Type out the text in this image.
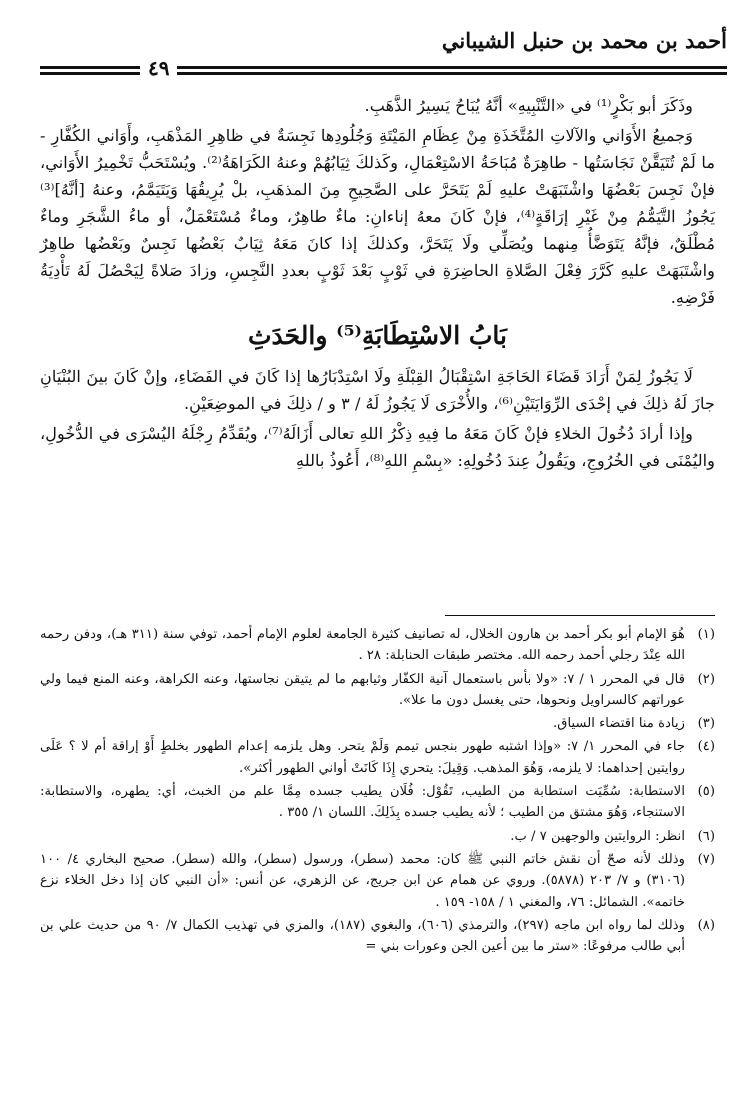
أحمد بن محمد بن حنبل الشيباني
٤٩

وذَكَرَ أبو بَكْرٍ⁽¹⁾ في «التَّنْبِيهِ» أنَّهُ يُبَاحُ يَسِيرُ الذَّهَبِ.

وَجميعُ الأَوَاني والآلاتِ المُتَّخَذَةِ مِنْ عِظَامِ المَيْتَةِ وَجُلُودِها نَجِسَةٌ في ظاهِرِ المَذْهَبِ، وأَوَاني الكُفَّارِ - ما لَمْ تُتَيَقَّنْ نَجَاسَتُها - طاهِرَةٌ مُبَاحَةُ الاسْتِعْمَالِ، وكَذلكَ ثِيَابُهُمْ وعنهُ الكَرَاهَةُ⁽²⁾. ويُسْتَحَبُّ تَخْمِيرُ الأَوَاني، فإنْ نَجِسَ بَعْضُهَا واشْتَبَهَتْ عليهِ لَمْ يَتَحَرَّ على الصَّحِيحِ مِنَ المذهَبِ، بلْ يُرِيقُهَا وَيَتَيَمَّمُ، وعنهُ [أنَّهُ]⁽³⁾ يَجُوزُ التَّيَمُّمُ مِنْ غَيْرِ إرَاقَةٍ⁽⁴⁾، فإنْ كَانَ معهُ إناءانِ: ماءٌ طاهِرٌ، وماءٌ مُسْتَعْمَلٌ، أو ماءُ الشَّجَرِ وماءٌ مُطْلَقٌ، فإنَّهُ يَتَوَضَّأُ مِنهما ويُصَلِّي ولَا يَتَحَرَّ، وكذلكَ إذا كانَ مَعَهُ ثِيَابٌ بَعْضُها نَجِسٌ وبَعْضُها طاهِرٌ واشْتَبَهَتْ عليهِ كَرَّرَ فِعْلَ الصَّلاةِ الحاضِرَةِ في ثَوْبٍ بَعْدَ ثَوْبٍ بعددِ النَّجِسِ، وزادَ صَلاةً لِيَحْصُلَ لَهُ تَأْدِيَةُ فَرْضِهِ.

بَابُ الاسْتِطَابَةِ⁽⁵⁾ والحَدَثِ

لَا يَجُوزُ لِمَنْ أَرَادَ قَضَاءَ الحَاجَةِ اسْتِقْبَالُ القِبْلَةِ ولَا اسْتِدْبَارُها إذا كَانَ في الفَضَاءِ، وإنْ كَانَ بينَ البُنْيَانِ جازَ لَهُ ذلِكَ في إحْدَى الرِّوَايَتَيْنِ⁽⁶⁾، والأُخْرَى لَا يَجُوزُ لَهُ / ٣ و / ذلِكَ في الموضِعَيْنِ.

وإذا أرادَ دُخُولَ الخلاءِ فإنْ كَانَ مَعَهُ ما فِيهِ ذِكْرُ اللهِ تعالى أَزَالَهُ⁽⁷⁾، ويُقَدِّمُ رِجْلَهُ اليُسْرَى في الدُّخُولِ، واليُمْنَى في الخُرُوجِ، ويَقُولُ عِندَ دُخُولِهِ: «بِسْمِ اللهِ⁽⁸⁾، أَعُوذُ باللهِ

(١)هُوَ الإمام أبو بكر أحمد بن هارون الخلال، له تصانيف كثيرة الجامعة لعلوم الإمام أحمد، توفي سنة (٣١١ هـ)، ودفن رحمه الله عِنْدَ رجلي أحمد رحمه الله. مختصر طبقات الحنابلة: ٢٨ .
(٢)قال في المحرر ١ / ٧: «ولا بأس باستعمال آنية الكفّار وثيابهم ما لم يتيقن نجاستها، وعنه الكراهة، وعنه المنع فيما ولي عوراتهم كالسراويل ونحوها، حتى يغسل دون ما علا».
(٣)زيادة منا اقتضاء السياق.
(٤)جاء في المحرر ١/ ٧: «وإذا اشتبه طهور بنجس تيمم وَلَمْ يتحر. وهل يلزمه إعدام الطهور بخلطٍ أَوْ إراقة أم لا ؟ عَلَى روايتين إحداهما: لا يلزمه، وَهُوَ المذهب. وَقِيلَ: يتحري إِذَا كَانَتْ أواني الطهور أكثر».
(٥)الاستطابة: سُمِّيَت استطابة من الطيب، تَقُوْل: فُلَان يطيب جسده مِمَّا علم من الخبث، أي: يطهره، والاستطابة: الاستنجاء، وَهُوَ مشتق من الطيب ؛ لأنه يطيب جسده بِذَلِكَ. اللسان ١/ ٣٥٥ .
(٦)انظر: الروايتين والوجهين ٧ / ب.
(٧)وذلك لأنه صحّ أن نقش خاتم النبي ﷺ كان: محمد (سطر)، ورسول (سطر)، والله (سطر). صحيح البخاري ٤/ ١٠٠ (٣١٠٦) و ٧/ ٢٠٣ (٥٨٧٨). وروي عن همام عن ابن جريج، عن الزهري، عن أنس: «أن النبي كان إذا دخل الخلاء نزع خاتمه». الشمائل: ٧٦، والمغني ١ / ١٥٨- ١٥٩ .
(٨)وذلك لما رواه ابن ماجه (٢٩٧)، والترمذي (٦٠٦)، والبغوي (١٨٧)، والمزي في تهذيب الكمال ٧/ ٩٠ من حديث علي بن أبي طالب مرفوعًا: «ستر ما بين أعين الجن وعورات بني =
